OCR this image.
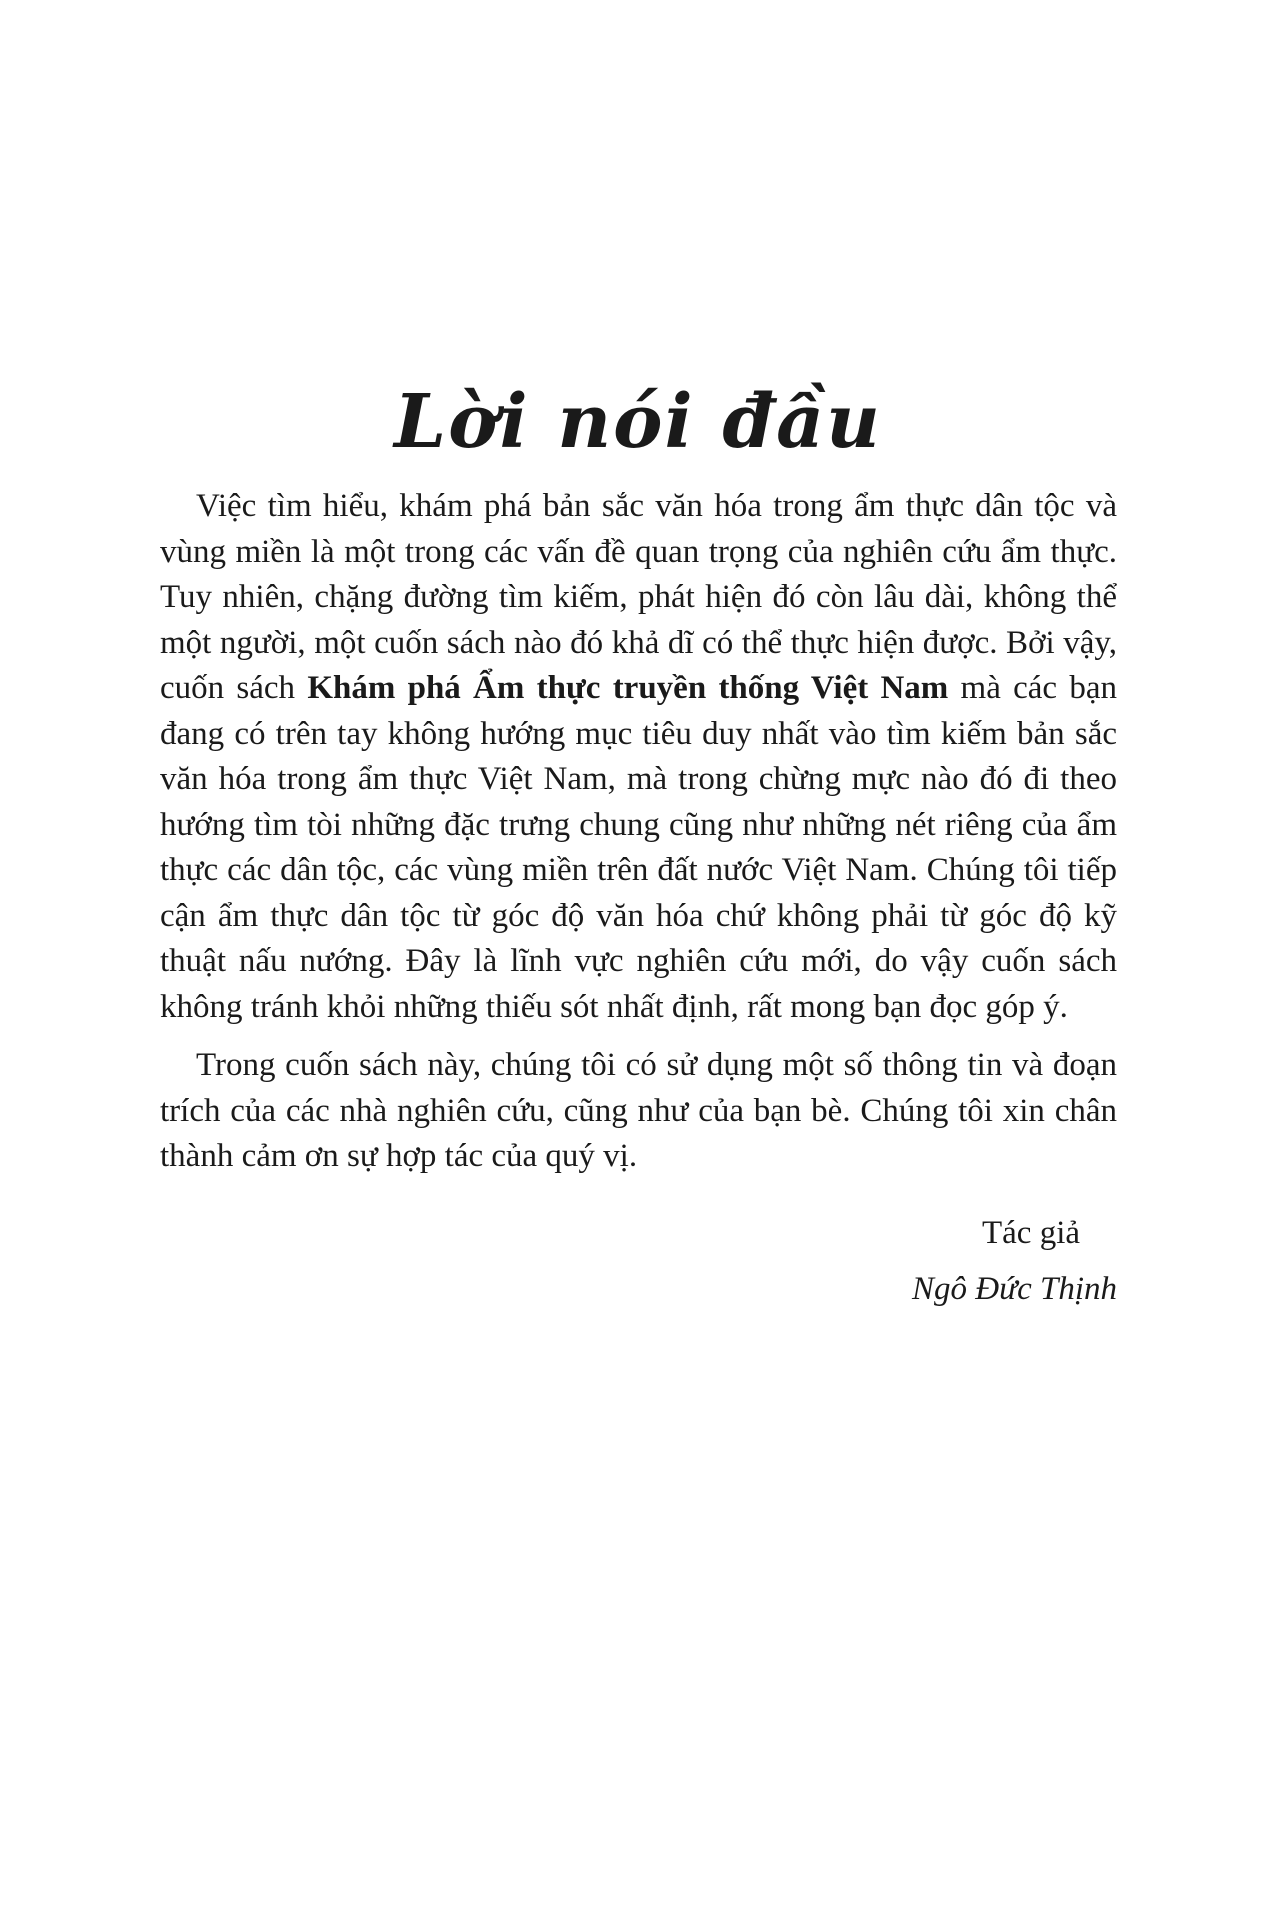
Lời nói đầu

Việc tìm hiểu, khám phá bản sắc văn hóa trong ẩm thực dân tộc và vùng miền là một trong các vấn đề quan trọng của nghiên cứu ẩm thực. Tuy nhiên, chặng đường tìm kiếm, phát hiện đó còn lâu dài, không thể một người, một cuốn sách nào đó khả dĩ có thể thực hiện được. Bởi vậy, cuốn sách Khám phá Ẩm thực truyền thống Việt Nam mà các bạn đang có trên tay không hướng mục tiêu duy nhất vào tìm kiếm bản sắc văn hóa trong ẩm thực Việt Nam, mà trong chừng mực nào đó đi theo hướng tìm tòi những đặc trưng chung cũng như những nét riêng của ẩm thực các dân tộc, các vùng miền trên đất nước Việt Nam. Chúng tôi tiếp cận ẩm thực dân tộc từ góc độ văn hóa chứ không phải từ góc độ kỹ thuật nấu nướng. Đây là lĩnh vực nghiên cứu mới, do vậy cuốn sách không tránh khỏi những thiếu sót nhất định, rất mong bạn đọc góp ý.

Trong cuốn sách này, chúng tôi có sử dụng một số thông tin và đoạn trích của các nhà nghiên cứu, cũng như của bạn bè. Chúng tôi xin chân thành cảm ơn sự hợp tác của quý vị.

Tác giả
Ngô Đức Thịnh
